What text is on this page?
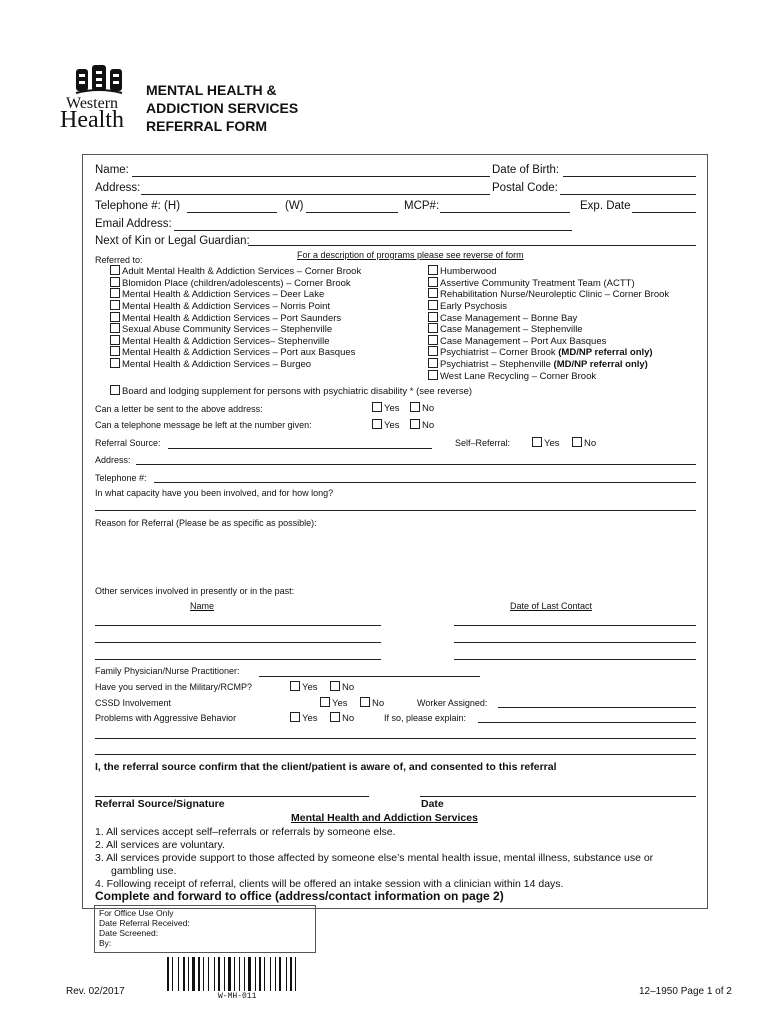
Western
Health
MENTAL HEALTH &
ADDICTION SERVICES
REFERRAL FORM
Name:	Date of Birth:
Address:	Postal Code:
Telephone #: (H)	(W)	MCP#:	Exp. Date
Email Address:
Next of Kin or Legal Guardian:
Referred to:	For a description of programs please see reverse of form
Adult Mental Health & Addiction Services – Corner Brook
Blomidon Place (children/adolescents) – Corner Brook
Mental Health & Addiction Services – Deer Lake
Mental Health & Addiction Services – Norris Point
Mental Health & Addiction Services – Port Saunders
Sexual Abuse Community Services – Stephenville
Mental Health & Addiction Services– Stephenville
Mental Health & Addiction Services – Port aux Basques
Mental Health & Addiction Services – Burgeo
Humberwood
Assertive Community Treatment Team (ACTT)
Rehabilitation Nurse/Neuroleptic Clinic – Corner Brook
Early Psychosis
Case Management – Bonne Bay
Case Management – Stephenville
Case Management – Port Aux Basques
Psychiatrist – Corner Brook (MD/NP referral only)
Psychiatrist – Stephenville (MD/NP referral only)
West Lane Recycling – Corner Brook
Board and lodging supplement for persons with psychiatric disability * (see reverse)
Can a letter be sent to the above address:	Yes	No
Can a telephone message be left at the number given:	Yes	No
Referral Source:	Self–Referral:	Yes	No
Address:
Telephone #:
In what capacity have you been involved, and for how long?
Reason for Referral (Please be as specific as possible):
Other services involved in presently or in the past:
Name	Date of Last Contact
Family Physician/Nurse Practitioner:
Have you served in the Military/RCMP?	Yes	No
CSSD Involvement	Yes	No	Worker Assigned:
Problems with Aggressive Behavior	Yes	No	If so, please explain:
I, the referral source confirm that the client/patient is aware of, and consented to this referral
Referral Source/Signature	Date
Mental Health and Addiction Services
1. All services accept self–referrals or referrals by someone else.
2. All services are voluntary.
3. All services provide support to those affected by someone else’s mental health issue, mental illness, substance use or
gambling use.
4. Following receipt of referral, clients will be offered an intake session with a clinician within 14 days.
Complete and forward to office (address/contact information on page 2)
For Office Use Only
Date Referral Received:
Date Screened:
By:
W-MH-011
Rev. 02/2017	12–1950 Page 1 of 2
